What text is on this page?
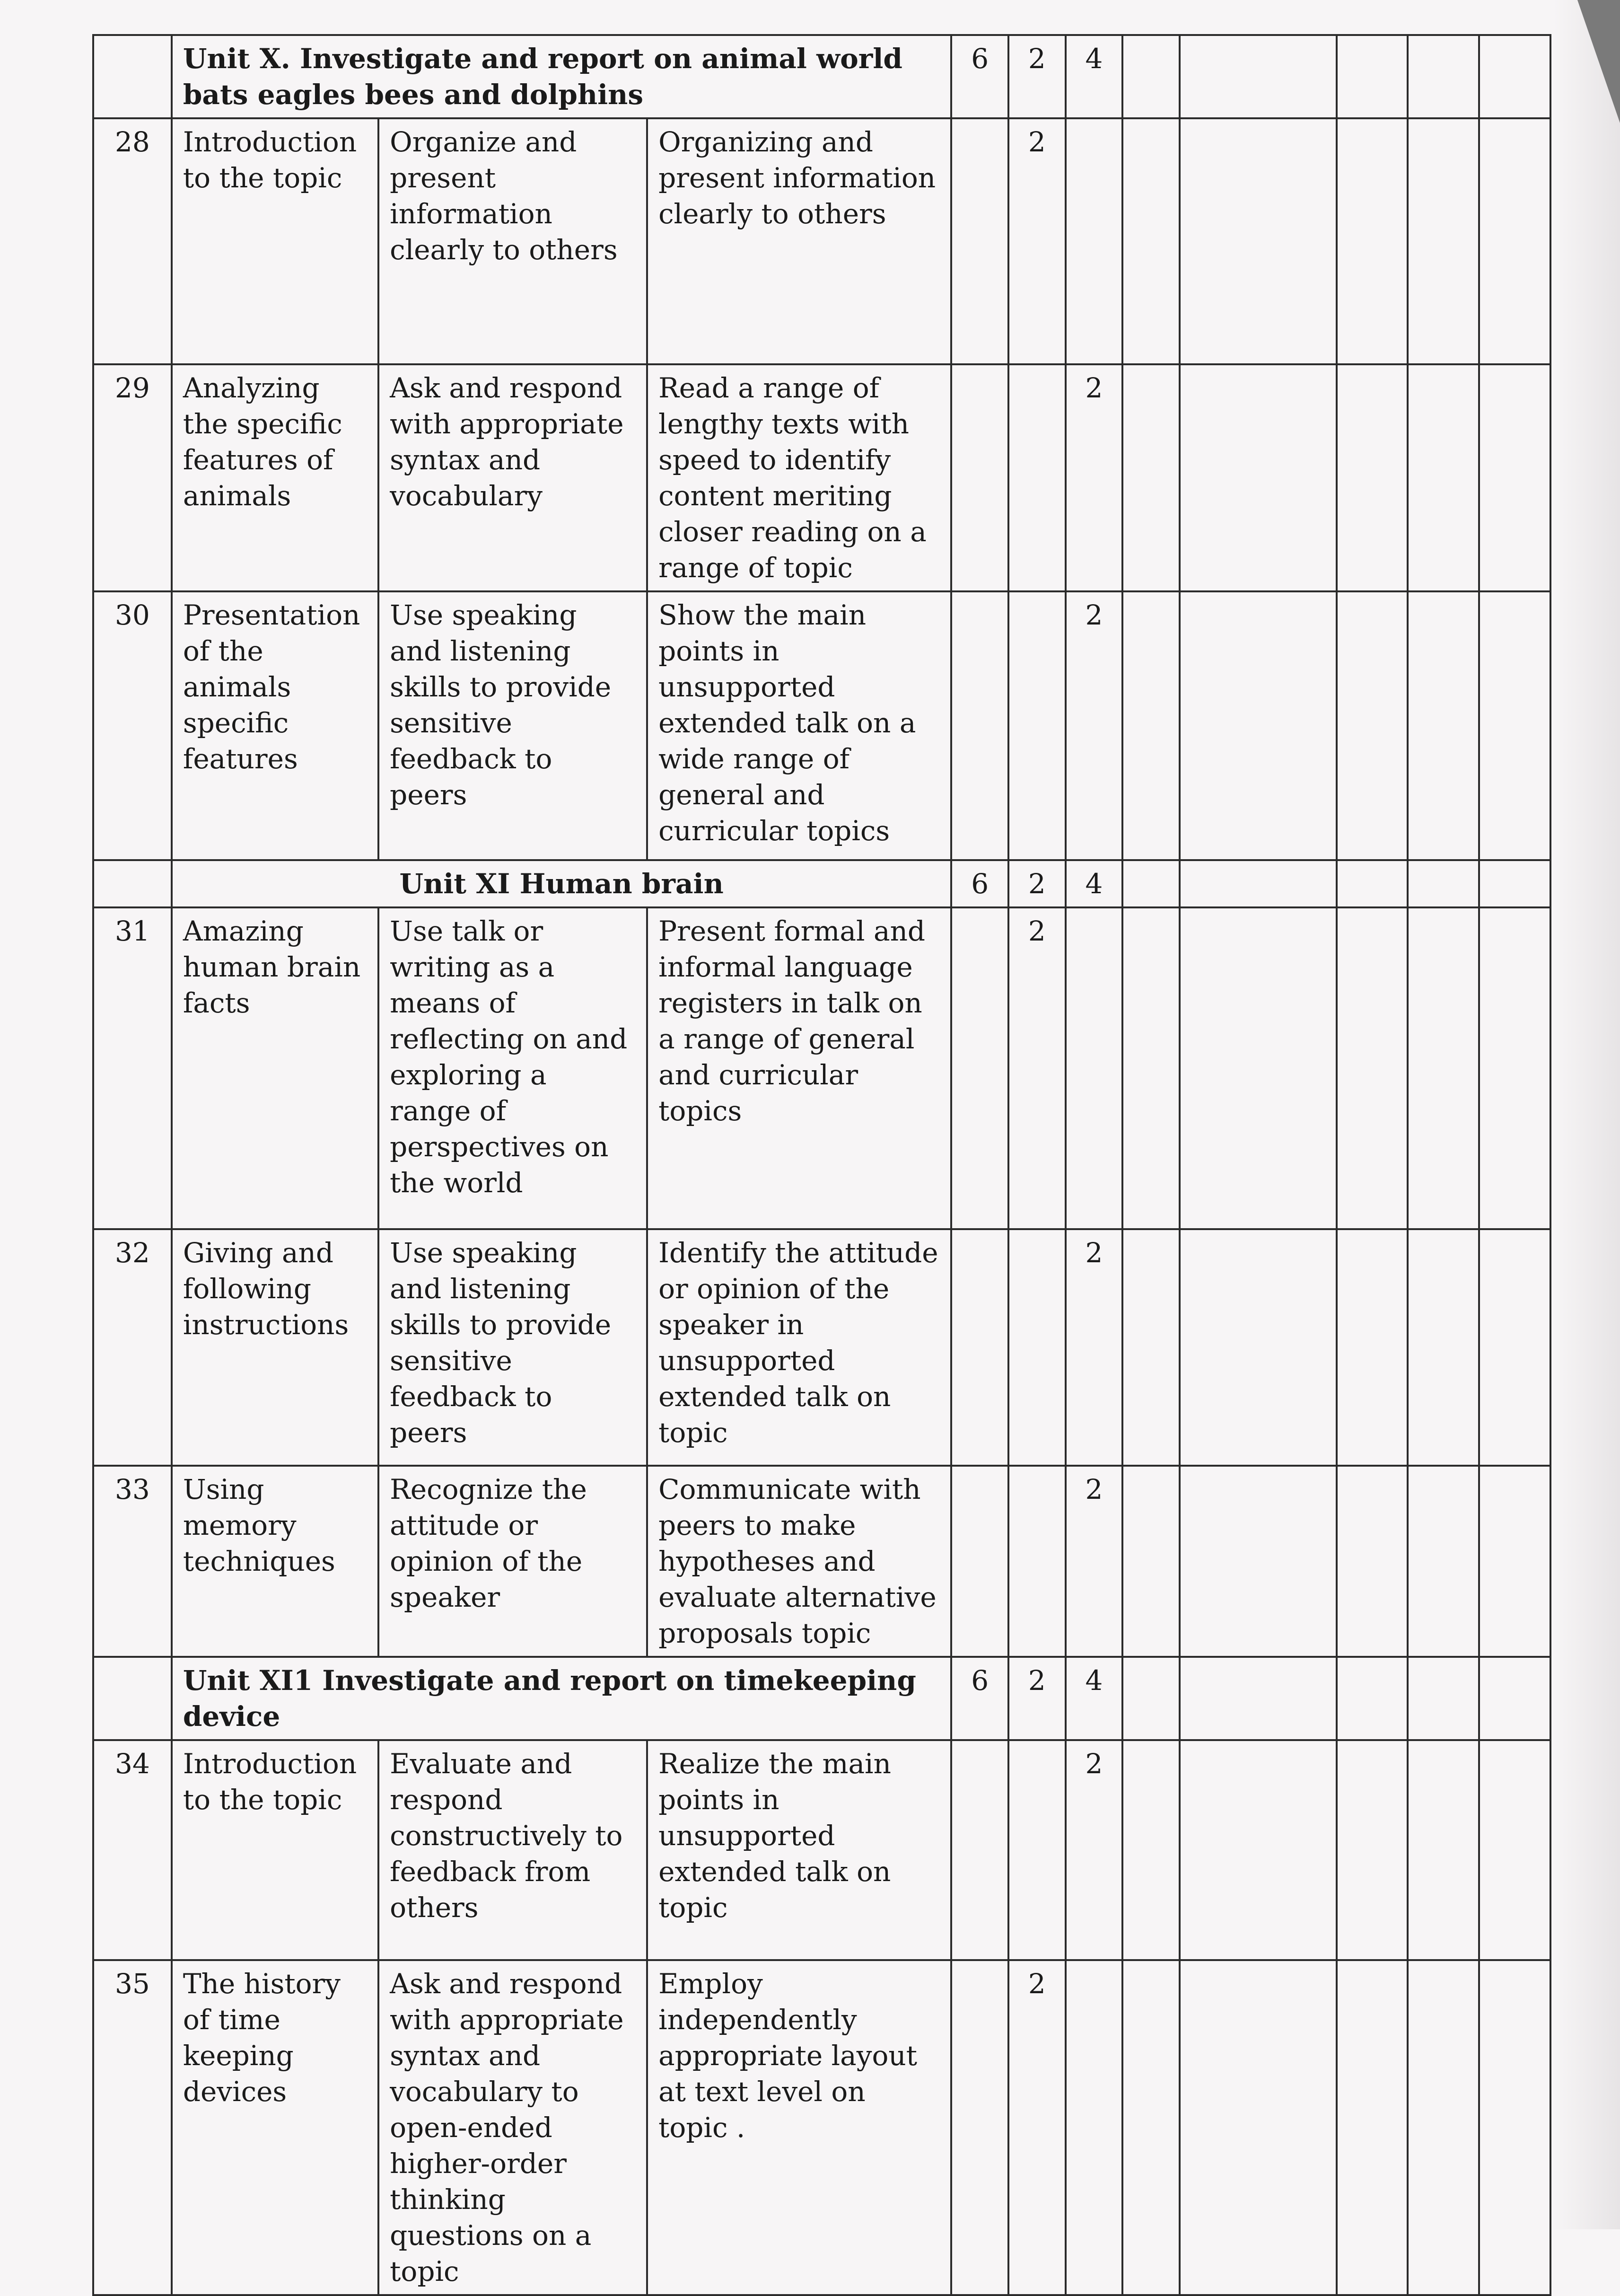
	Unit X. Investigate and report on animal world bats eagles bees and dolphins			6	2	4					
28	Introduction to the topic	Organize and present information clearly to others	Organizing and present information clearly to others		2						
29	Analyzing the specific features of animals	Ask and respond with appropriate syntax and vocabulary	Read a range of lengthy texts with speed to identify content meriting closer reading on a range of topic			2					
30	Presentation of the animals specific features	Use speaking and listening skills to provide sensitive feedback to peers	Show the main points in unsupported extended talk on a wide range of general and curricular topics			2					
	Unit XI Human brain			6	2	4					
31	Amazing human brain facts	Use talk or writing as a means of reflecting on and exploring a range of perspectives on the world	Present formal and informal language registers in talk on a range of general and curricular topics		2						
32	Giving and following instructions	Use speaking and listening skills to provide sensitive feedback to peers	Identify the attitude or opinion of the speaker in unsupported extended talk on topic			2					
33	Using memory techniques	Recognize the attitude or opinion of the speaker	Communicate with peers to make hypotheses and evaluate alternative proposals topic			2					
	Unit XI1 Investigate and report on timekeeping device			6	2	4					
34	Introduction to the topic	Evaluate and respond constructively to feedback from others	Realize the main points in unsupported extended talk on topic			2					
35	The history of time keeping devices	Ask and respond with appropriate syntax and vocabulary to open-ended higher-order thinking questions on a topic	Employ independently appropriate layout at text level on topic .		2						
